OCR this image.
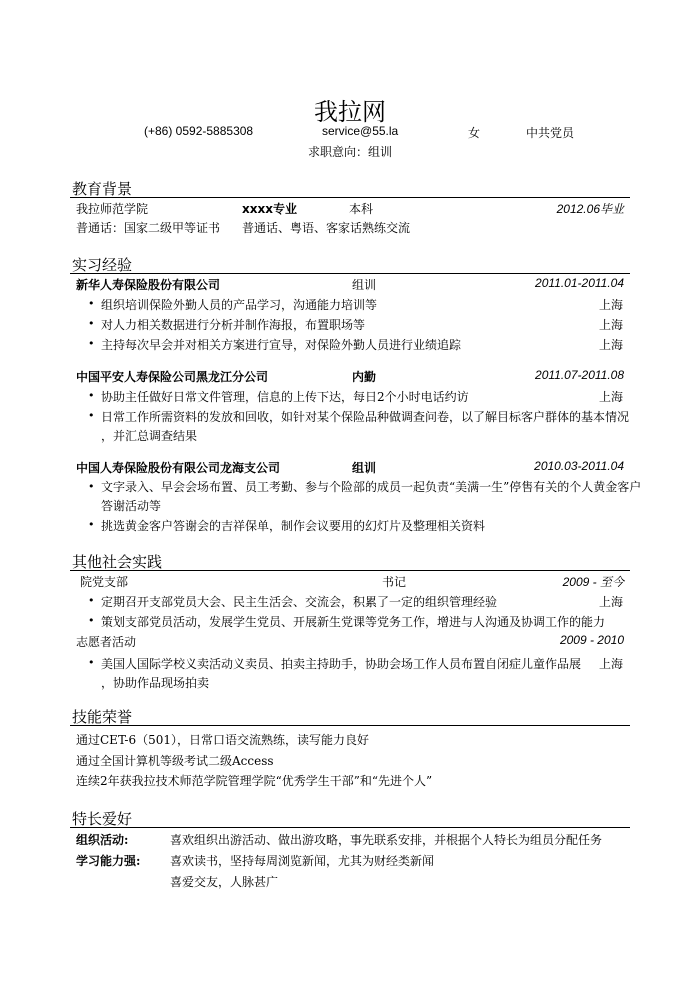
我拉网
(+86) 0592-5885308	service@55.la	女	中共党员
求职意向：组训
教育背景
我拉师范学院	xxxx专业	本科	2012.06毕业
普通话：国家二级甲等证书 普通话、粤语、客家话熟练交流
实习经验
新华人寿保险股份有限公司	组训	2011.01-2011.04
• 组织培训保险外勤人员的产品学习，沟通能力培训等	上海
• 对人力相关数据进行分析并制作海报，布置职场等	上海
• 主持每次早会并对相关方案进行宣导，对保险外勤人员进行业绩追踪	上海
中国平安人寿保险公司黑龙江分公司	内勤	2011.07-2011.08
• 协助主任做好日常文件管理，信息的上传下达，每日2个小时电话约访	上海
• 日常工作所需资料的发放和回收，如针对某个保险品种做调查问卷，以了解目标客户群体的基本情况
，并汇总调查结果
中国人寿保险股份有限公司龙海支公司	组训	2010.03-2011.04
• 文字录入、早会会场布置、员工考勤、参与个险部的成员一起负责“美满一生”停售有关的个人黄金客户
答谢活动等
• 挑选黄金客户答谢会的吉祥保单，制作会议要用的幻灯片及整理相关资料
其他社会实践
院党支部	书记	2009 - 至今
• 定期召开支部党员大会、民主生活会、交流会，积累了一定的组织管理经验	上海
• 策划支部党员活动，发展学生党员、开展新生党课等党务工作，增进与人沟通及协调工作的能力
志愿者活动	2009 - 2010
• 美国人国际学校义卖活动义卖员、拍卖主持助手，协助会场工作人员布置自闭症儿童作品展 上海
，协助作品现场拍卖
技能荣誉
通过CET-6（501），日常口语交流熟练，读写能力良好
通过全国计算机等级考试二级Access
连续2年获我拉技术师范学院管理学院“优秀学生干部”和“先进个人”
特长爱好
组织活动:	喜欢组织出游活动、做出游攻略，事先联系安排，并根据个人特长为组员分配任务
学习能力强: 喜欢读书，坚持每周浏览新闻，尤其为财经类新闻
喜爱交友，人脉甚广
